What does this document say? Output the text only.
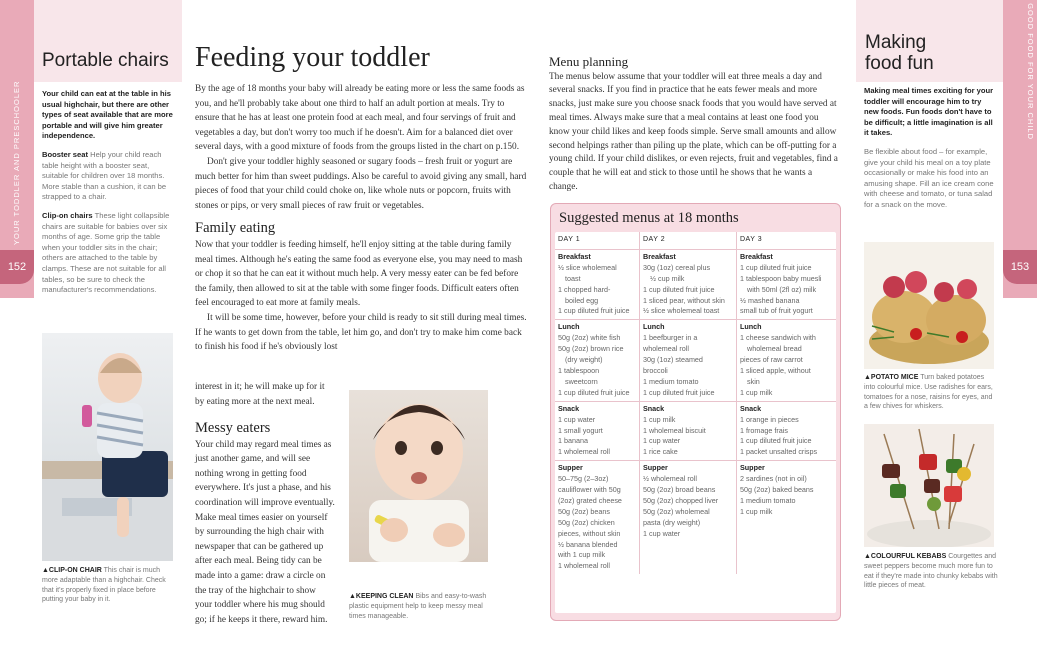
YOUR TODDLER AND PRESCHOOLER
152
GOOD FOOD FOR YOUR CHILD
153
Portable chairs

Your child can eat at the table in his usual highchair, but there are other types of seat available that are more portable and will give him greater independence.

Booster seat Help your child reach table height with a booster seat, suitable for children over 18 months. More stable than a cushion, it can be strapped to a chair.

Clip-on chairs These light collapsible chairs are suitable for babies over six months of age. Some grip the table when your toddler sits in the chair; others are attached to the table by clamps. These are not suitable for all tables, so be sure to check the manufacturer's recommendations.

▲CLIP-ON CHAIR This chair is much more adaptable than a highchair. Check that it's properly fixed in place before putting your baby in it.
Feeding your toddler

By the age of 18 months your baby will already be eating more or less the same foods as you, and he'll probably take about one third to half an adult portion at meals. Try to ensure that he has at least one protein food at each meal, and four servings of fruit and vegetables a day, but don't worry too much if he doesn't. Aim for a balanced diet over several days, with a good mixture of foods from the groups listed in the chart on p.150.

Don't give your toddler highly seasoned or sugary foods – fresh fruit or yogurt are much better for him than sweet puddings. Also be careful to avoid giving any small, hard pieces of food that your child could choke on, like whole nuts or popcorn, fruits with stones or pips, or very small pieces of raw fruit or vegetables.

Family eating

Now that your toddler is feeding himself, he'll enjoy sitting at the table during family meal times. Although he's eating the same food as everyone else, you may need to mash or chop it so that he can eat it without much help. A very messy eater can be fed before the family, then allowed to sit at the table with some finger foods. Difficult eaters often feel encouraged to eat more at family meals.

It will be some time, however, before your child is ready to sit still during meal times. If he wants to get down from the table, let him go, and don't try to make him come back to finish his food if he's obviously lost

interest in it; he will make up for it by eating more at the next meal.
Messy eaters

Your child may regard meal times as just another game, and will see nothing wrong in getting food everywhere. It's just a phase, and his coordination will improve eventually. Make meal times easier on yourself by surrounding the high chair with newspaper that can be gathered up after each meal. Being tidy can be made into a game: draw a circle on the tray of the highchair to show your toddler where his mug should go; if he keeps it there, reward him.

▲KEEPING CLEAN Bibs and easy-to-wash plastic equipment help to keep messy meal times manageable.
Menu planning

The menus below assume that your toddler will eat three meals a day and several snacks. If you find in practice that he eats fewer meals and more snacks, just make sure you choose snack foods that you would have served at meal times. Always make sure that a meal contains at least one food you know your child likes and keep foods simple. Serve small amounts and allow second helpings rather than piling up the plate, which can be off-putting for a young child. If your child dislikes, or even rejects, fruit and vegetables, find a couple that he will eat and stick to those until he shows that he wants a change.

Suggested menus at 18 months
DAY 1	DAY 2	DAY 3
Breakfast
½ slice wholemeal
toast
1 chopped hard-
boiled egg
1 cup diluted fruit juice
Breakfast
30g (1oz) cereal plus
½ cup milk
1 cup diluted fruit juice
1 sliced pear, without skin
½ slice wholemeal toast
Breakfast
1 cup diluted fruit juice
1 tablespoon baby muesli
with 50ml (2fl oz) milk
½ mashed banana
small tub of fruit yogurt
Lunch
50g (2oz) white fish
50g (2oz) brown rice
(dry weight)
1 tablespoon
sweetcorn
1 cup diluted fruit juice
Lunch
1 beefburger in a
wholemeal roll
30g (1oz) steamed
broccoli
1 medium tomato
1 cup diluted fruit juice
Lunch
1 cheese sandwich with
wholemeal bread
pieces of raw carrot
1 sliced apple, without
skin
1 cup milk
Snack
1 cup water
1 small yogurt
1 banana
1 wholemeal roll
Snack
1 cup milk
1 wholemeal biscuit
1 cup water
1 rice cake
Snack
1 orange in pieces
1 fromage frais
1 cup diluted fruit juice
1 packet unsalted crisps
Supper
50–75g (2–3oz)
cauliflower with 50g
(2oz) grated cheese
50g (2oz) beans
50g (2oz) chicken
pieces, without skin
½ banana blended
with 1 cup milk
1 wholemeal roll
Supper
½ wholemeal roll
50g (2oz) broad beans
50g (2oz) chopped liver
50g (2oz) wholemeal
pasta (dry weight)
1 cup water
Supper
2 sardines (not in oil)
50g (2oz) baked beans
1 medium tomato
1 cup milk
Making
food fun

Making meal times exciting for your toddler will encourage him to try new foods. Fun foods don't have to be difficult; a little imagination is all it takes.

Be flexible about food – for example, give your child his meal on a toy plate occasionally or make his food into an amusing shape. Fill an ice cream cone with cheese and tomato, or tuna salad for a snack on the move.

▲POTATO MICE Turn baked potatoes into colourful mice. Use radishes for ears, tomatoes for a nose, raisins for eyes, and a few chives for whiskers.
▲COLOURFUL KEBABS Courgettes and sweet peppers become much more fun to eat if they're made into chunky kebabs with little pieces of meat.
